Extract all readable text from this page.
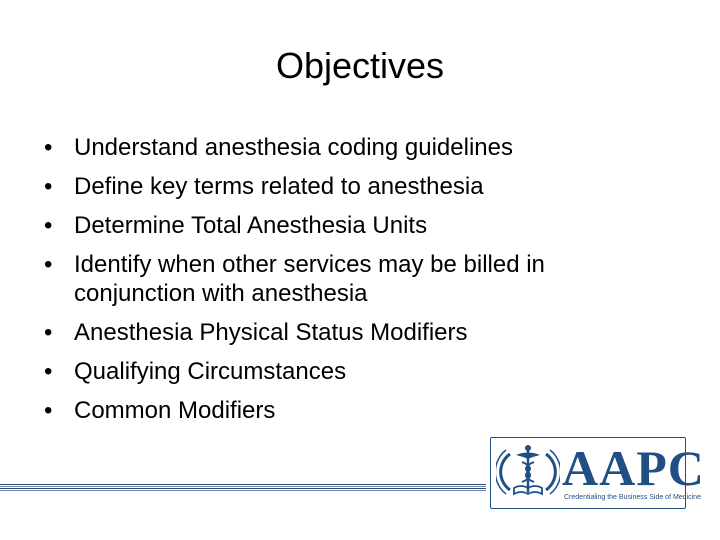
Objectives
• Understand anesthesia coding guidelines
• Define key terms related to anesthesia
• Determine Total Anesthesia Units
• Identify when other services may be billed in conjunction with anesthesia
• Anesthesia Physical Status Modifiers
• Qualifying Circumstances
• Common Modifiers
AAPC
Credentialing the Business Side of Medicine
